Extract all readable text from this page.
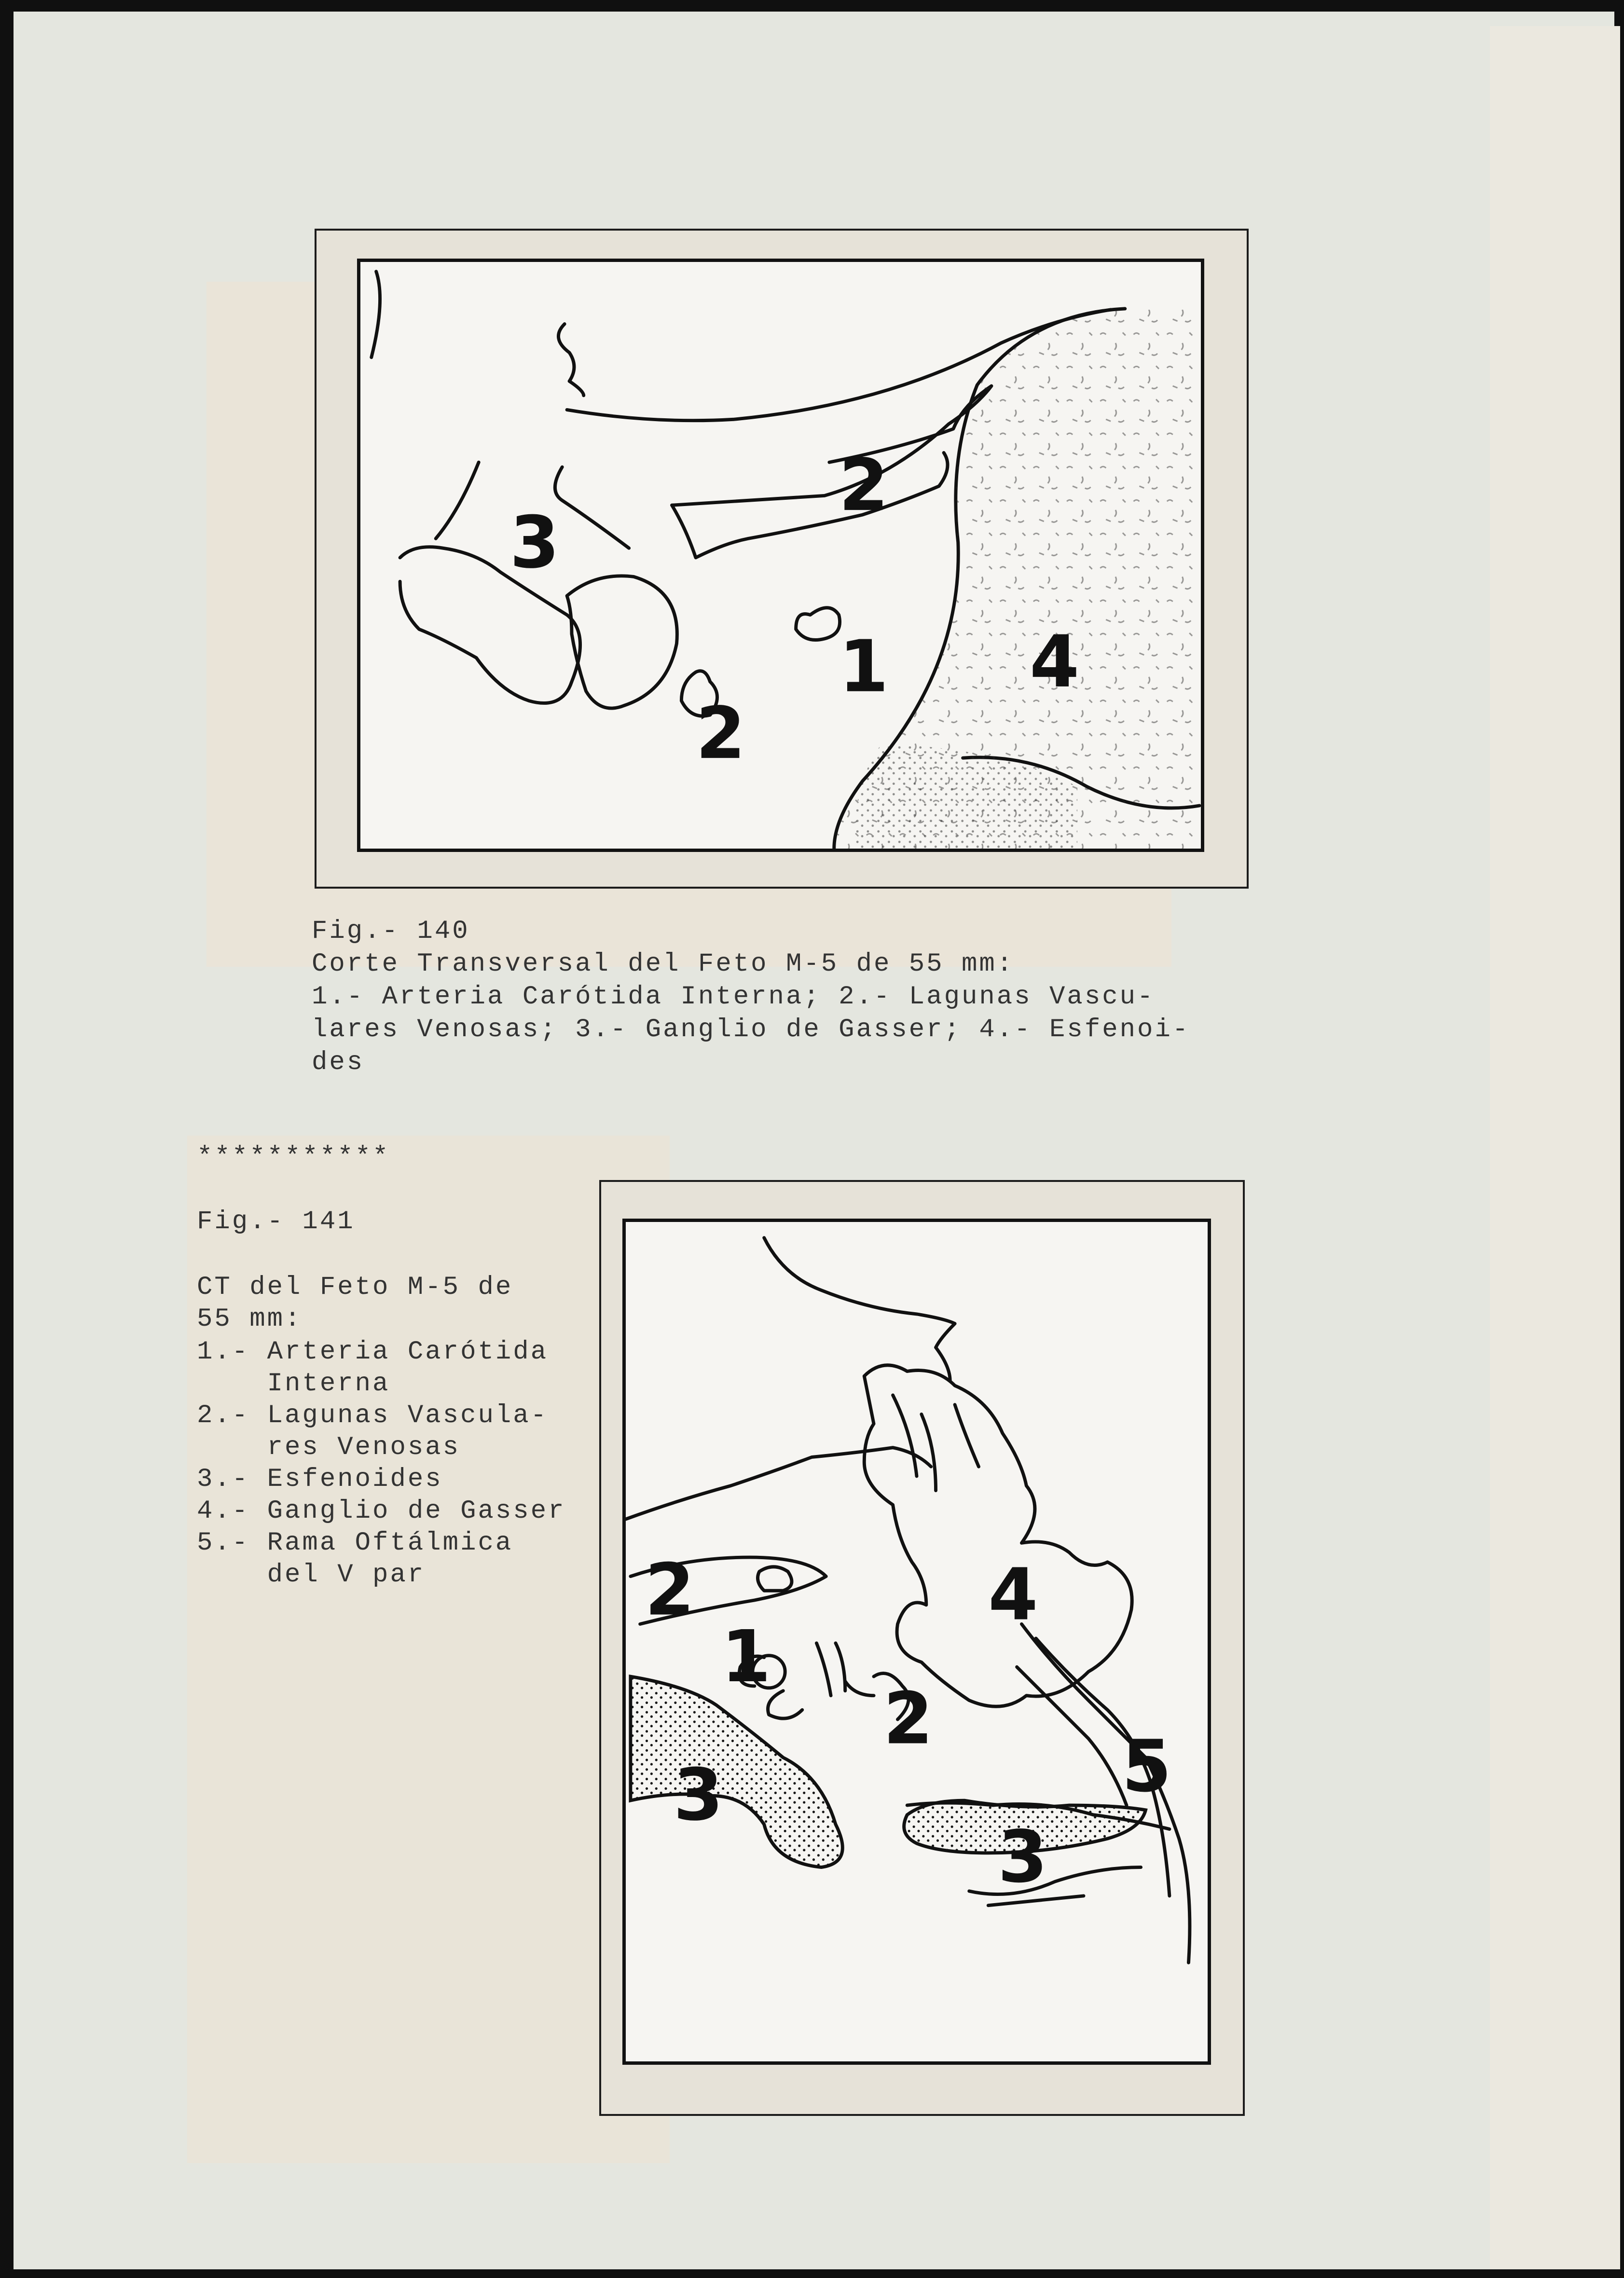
1
2
2
3
4
Fig.- 140
Corte Transversal del Feto M-5 de 55 mm:
1.- Arteria Carótida Interna; 2.- Lagunas Vascu-
lares Venosas; 3.- Ganglio de Gasser; 4.- Esfenoi-
des
***********
Fig.- 141
CT del Feto M-5 de
55 mm:
1.- Arteria Carótida
Interna
2.- Lagunas Vascula-
res Venosas
3.- Esfenoides
4.- Ganglio de Gasser
5.- Rama Oftálmica
del V par
1
2
2
3
3
4
5
